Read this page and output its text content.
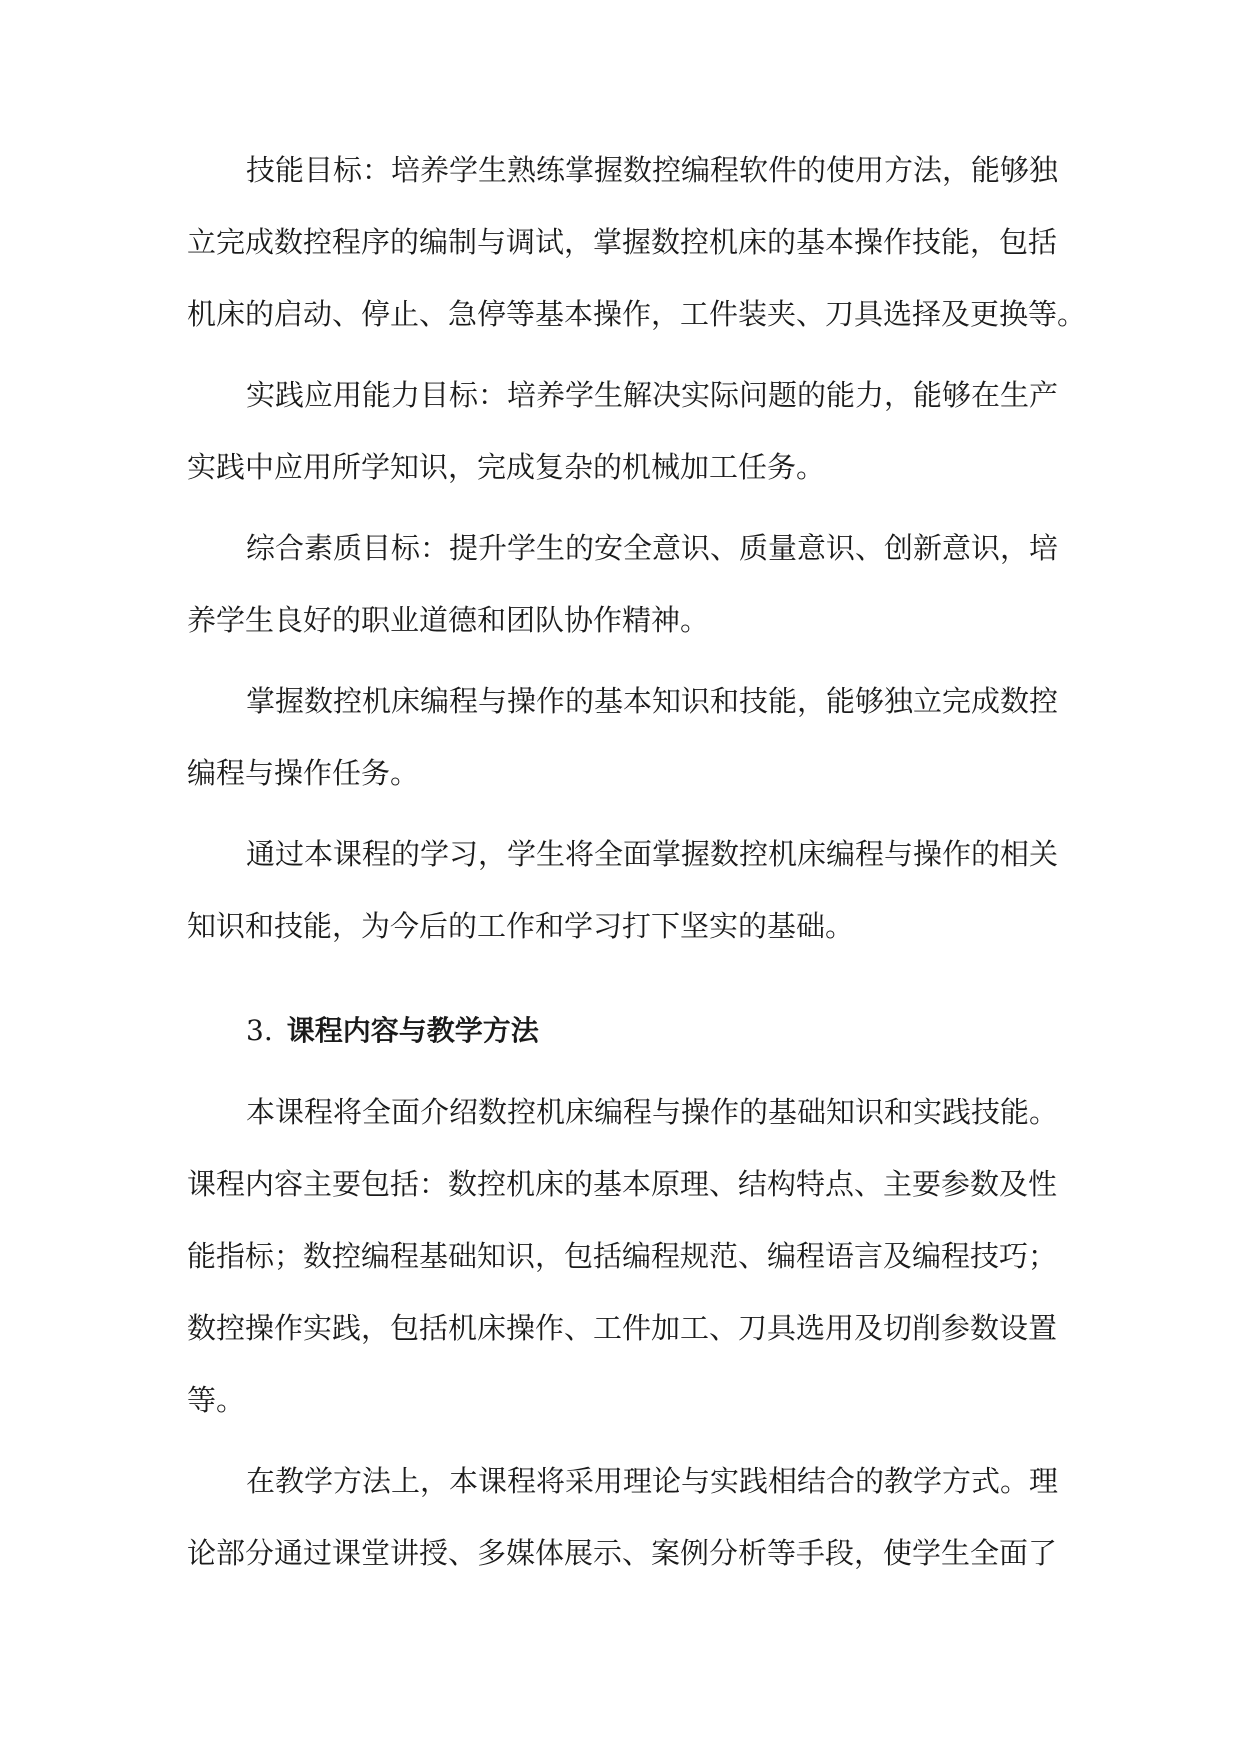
技能目标：培养学生熟练掌握数控编程软件的使用方法，能够独
立完成数控程序的编制与调试，掌握数控机床的基本操作技能，包括
机床的启动、停止、急停等基本操作，工件装夹、刀具选择及更换等。
实践应用能力目标：培养学生解决实际问题的能力，能够在生产
实践中应用所学知识，完成复杂的机械加工任务。
综合素质目标：提升学生的安全意识、质量意识、创新意识，培
养学生良好的职业道德和团队协作精神。
掌握数控机床编程与操作的基本知识和技能，能够独立完成数控
编程与操作任务。
通过本课程的学习，学生将全面掌握数控机床编程与操作的相关
知识和技能，为今后的工作和学习打下坚实的基础。
3. 课程内容与教学方法
本课程将全面介绍数控机床编程与操作的基础知识和实践技能。
课程内容主要包括：数控机床的基本原理、结构特点、主要参数及性
能指标；数控编程基础知识，包括编程规范、编程语言及编程技巧；
数控操作实践，包括机床操作、工件加工、刀具选用及切削参数设置
等。
在教学方法上，本课程将采用理论与实践相结合的教学方式。理
论部分通过课堂讲授、多媒体展示、案例分析等手段，使学生全面了
